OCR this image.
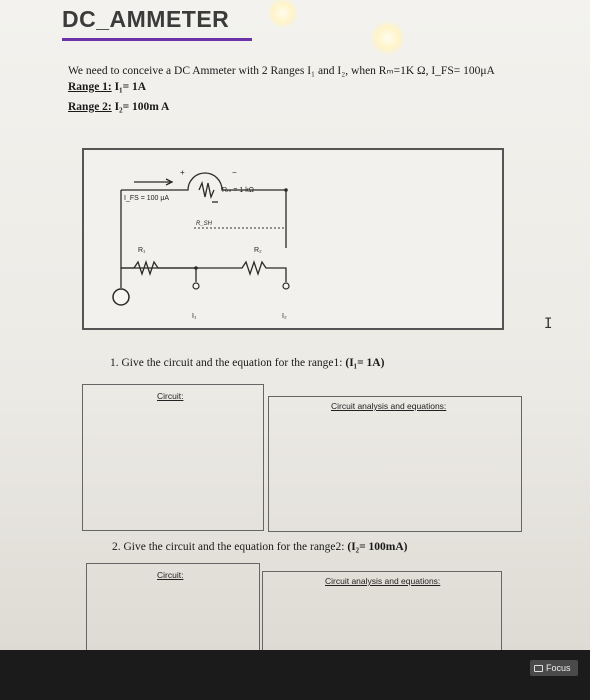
DC_AMMETER
We need to conceive a DC Ammeter with 2 Ranges I₁ and I₂, when Rₘ=1K Ω, I_FS= 100μA
Range 1: I₁= 1A
Range 2: I₂= 100m A
I_FS = 100 μA
Rₘ = 1 kΩ
R_SH
R₁	R₂
I₁	I₂
+	−
1. Give the circuit and the equation for the range1: (I₁= 1A)
Circuit:
Circuit analysis and equations:
2. Give the circuit and the equation for the range2: (I₂= 100mA)
Circuit:
Circuit analysis and equations:
I
Focus
